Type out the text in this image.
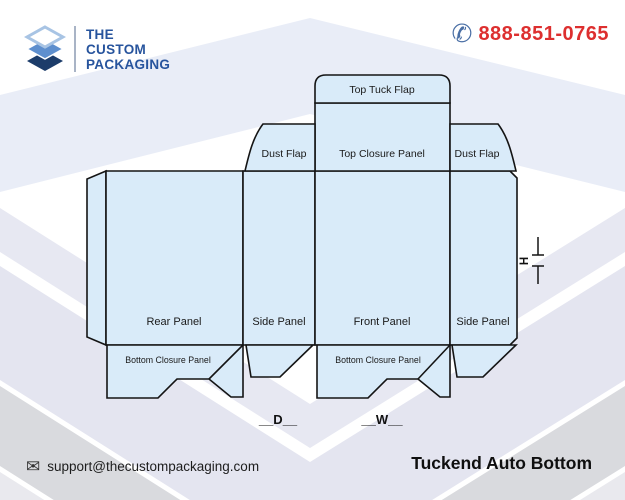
THE
CUSTOM
PACKAGING
✆ 888-851-0765
Top Tuck Flap
Top Closure Panel
Dust Flap	Dust Flap
Rear Panel	Side Panel	Front Panel	Side Panel
Bottom Closure Panel	Bottom Closure Panel
__D__	__W__
H
✉ support@thecustompackaging.com	Tuckend Auto Bottom
